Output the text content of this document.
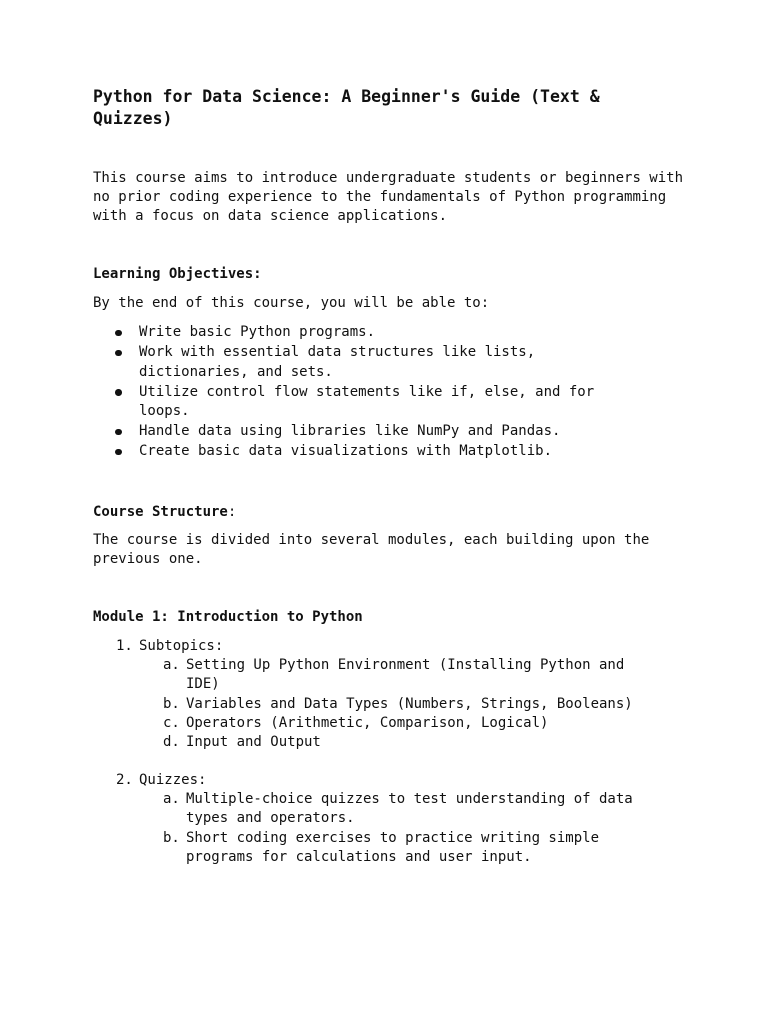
Python for Data Science: A Beginner's Guide (Text & Quizzes)

This course aims to introduce undergraduate students or beginners with no prior coding experience to the fundamentals of Python programming with a focus on data science applications.

Learning Objectives:

By the end of this course, you will be able to:

Write basic Python programs.
Work with essential data structures like lists, dictionaries, and sets.
Utilize control flow statements like if, else, and for loops.
Handle data using libraries like NumPy and Pandas.
Create basic data visualizations with Matplotlib.

Course Structure:

The course is divided into several modules, each building upon the previous one.

Module 1: Introduction to Python

1. Subtopics:
a. Setting Up Python Environment (Installing Python and IDE)
b. Variables and Data Types (Numbers, Strings, Booleans)
c. Operators (Arithmetic, Comparison, Logical)
d. Input and Output
2. Quizzes:
a. Multiple-choice quizzes to test understanding of data types and operators.
b. Short coding exercises to practice writing simple programs for calculations and user input.
